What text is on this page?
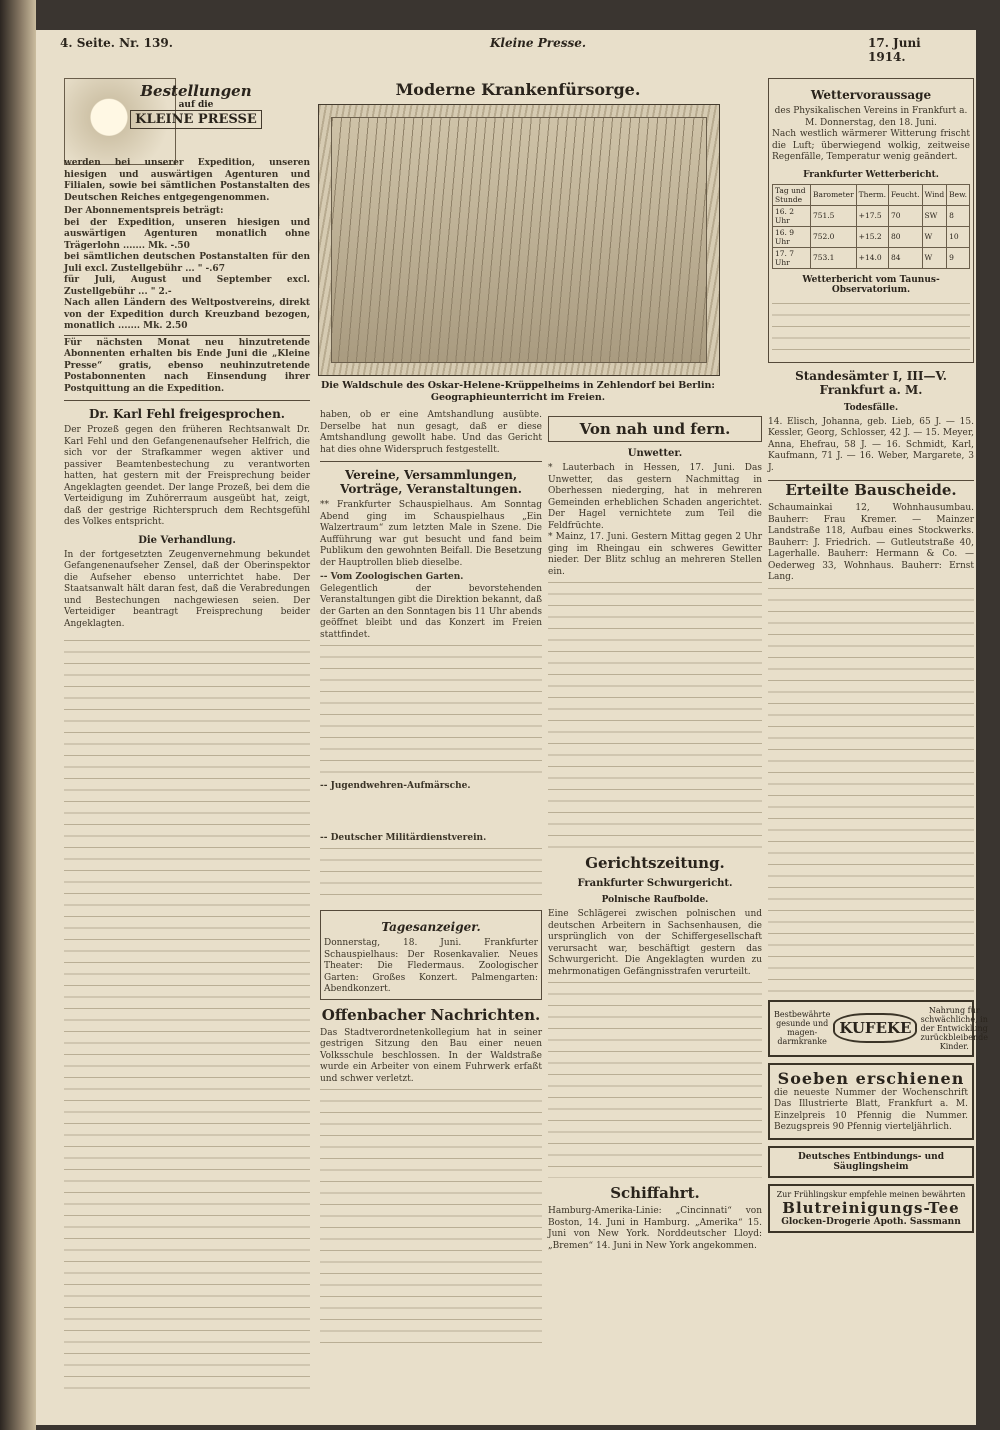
4. Seite. Nr. 139.	Kleine Presse.	17. Juni 1914.
Bestellungen
auf die
KLEINE PRESSE
werden bei unserer Expedition, unseren hiesigen und auswärtigen Agenturen und Filialen, sowie bei sämtlichen Postanstalten des Deutschen Reiches entgegengenommen.
Der Abonnementspreis beträgt:
bei der Expedition, unseren hiesigen und auswärtigen Agenturen monatlich ohne Trägerlohn ....... Mk. -.50
bei sämtlichen deutschen Postanstalten für den Juli excl. Zustellgebühr ... " -.67
für Juli, August und September excl. Zustellgebühr ... " 2.-
Nach allen Ländern des Weltpostvereins, direkt von der Expedition durch Kreuzband bezogen, monatlich ....... Mk. 2.50
Für nächsten Monat neu hinzutretende Abonnenten erhalten bis Ende Juni die „Kleine Presse“ gratis, ebenso neuhinzutretende Postabonnenten nach Einsendung ihrer Postquittung an die Expedition.
Dr. Karl Fehl freigesprochen.
Der Prozeß gegen den früheren Rechtsanwalt Dr. Karl Fehl und den Gefangenenaufseher Helfrich, die sich vor der Strafkammer wegen aktiver und passiver Beamtenbestechung zu verantworten hatten, hat gestern mit der Freisprechung beider Angeklagten geendet. Der lange Prozeß, bei dem die Verteidigung im Zuhörerraum ausgeübt hat, zeigt, daß der gestrige Richterspruch dem Rechtsgefühl des Volkes entspricht.
Die Verhandlung.
In der fortgesetzten Zeugenvernehmung bekundet Gefangenenaufseher Zensel, daß der Oberinspektor die Aufseher ebenso unterrichtet habe. Der Staatsanwalt hält daran fest, daß die Verabredungen und Bestechungen nachgewiesen seien. Der Verteidiger beantragt Freisprechung beider Angeklagten.
Moderne Krankenfürsorge.
Die Waldschule des Oskar-Helene-Krüppelheims in Zehlendorf bei Berlin: Geographieunterricht im Freien.
haben, ob er eine Amtshandlung ausübte. Derselbe hat nun gesagt, daß er diese Amtshandlung gewollt habe. Und das Gericht hat dies ohne Widerspruch festgestellt.
Vereine, Versammlungen, Vorträge, Veranstaltungen.
** Frankfurter Schauspielhaus. Am Sonntag Abend ging im Schauspielhaus „Ein Walzertraum“ zum letzten Male in Szene. Die Aufführung war gut besucht und fand beim Publikum den gewohnten Beifall. Die Besetzung der Hauptrollen blieb dieselbe.
-- Vom Zoologischen Garten.
Gelegentlich der bevorstehenden Veranstaltungen gibt die Direktion bekannt, daß der Garten an den Sonntagen bis 11 Uhr abends geöffnet bleibt und das Konzert im Freien stattfindet.
-- Jugendwehren-Aufmärsche.
-- Deutscher Militärdienstverein.
Tagesanzeiger.
Donnerstag, 18. Juni. Frankfurter Schauspielhaus: Der Rosenkavalier. Neues Theater: Die Fledermaus. Zoologischer Garten: Großes Konzert. Palmengarten: Abendkonzert.
Offenbacher Nachrichten.
Das Stadtverordnetenkollegium hat in seiner gestrigen Sitzung den Bau einer neuen Volksschule beschlossen. In der Waldstraße wurde ein Arbeiter von einem Fuhrwerk erfaßt und schwer verletzt.
Von nah und fern.
Unwetter.
* Lauterbach in Hessen, 17. Juni. Das Unwetter, das gestern Nachmittag in Oberhessen niederging, hat in mehreren Gemeinden erheblichen Schaden angerichtet. Der Hagel vernichtete zum Teil die Feldfrüchte.
* Mainz, 17. Juni. Gestern Mittag gegen 2 Uhr ging im Rheingau ein schweres Gewitter nieder. Der Blitz schlug an mehreren Stellen ein.
Gerichtszeitung.
Frankfurter Schwurgericht.
Polnische Raufbolde.
Eine Schlägerei zwischen polnischen und deutschen Arbeitern in Sachsenhausen, die ursprünglich von der Schiffergesellschaft verursacht war, beschäftigt gestern das Schwurgericht. Die Angeklagten wurden zu mehrmonatigen Gefängnisstrafen verurteilt.
Schiffahrt.
Hamburg-Amerika-Linie: „Cincinnati“ von Boston, 14. Juni in Hamburg. „Amerika“ 15. Juni von New York. Norddeutscher Lloyd: „Bremen“ 14. Juni in New York angekommen.
Wettervoraussage
des Physikalischen Vereins in Frankfurt a. M. Donnerstag, den 18. Juni.
Nach westlich wärmerer Witterung frischt die Luft; überwiegend wolkig, zeitweise Regenfälle, Temperatur wenig geändert.
Frankfurter Wetterbericht.
Tag und Stunde	Barometer	Therm.	Feucht.	Wind	Bew.
16. 2 Uhr	751.5	+17.5	70	SW	8
16. 9 Uhr	752.0	+15.2	80	W	10
17. 7 Uhr	753.1	+14.0	84	W	9
Wetterbericht vom Taunus-Observatorium.
Standesämter I, III—V. Frankfurt a. M.
Todesfälle.
14. Elisch, Johanna, geb. Lieb, 65 J. — 15. Kessler, Georg, Schlosser, 42 J. — 15. Meyer, Anna, Ehefrau, 58 J. — 16. Schmidt, Karl, Kaufmann, 71 J. — 16. Weber, Margarete, 3 J.
Erteilte Bauscheide.
Schaumainkai 12, Wohnhausumbau. Bauherr: Frau Kremer. — Mainzer Landstraße 118, Aufbau eines Stockwerks. Bauherr: J. Friedrich. — Gutleutstraße 40, Lagerhalle. Bauherr: Hermann & Co. — Oederweg 33, Wohnhaus. Bauherr: Ernst Lang.
Bestbewährte gesunde und magen-darmkranke
KUFEKE
Nahrung für schwächliche, in der Entwicklung zurückbleibende Kinder.
Soeben erschienen
die neueste Nummer der Wochenschrift Das Illustrierte Blatt, Frankfurt a. M. Einzelpreis 10 Pfennig die Nummer. Bezugspreis 90 Pfennig vierteljährlich.
Deutsches Entbindungs- und Säuglingsheim
Zur Frühlingskur empfehle meinen bewährten
Blutreinigungs-Tee
Glocken-Drogerie Apoth. Sassmann
